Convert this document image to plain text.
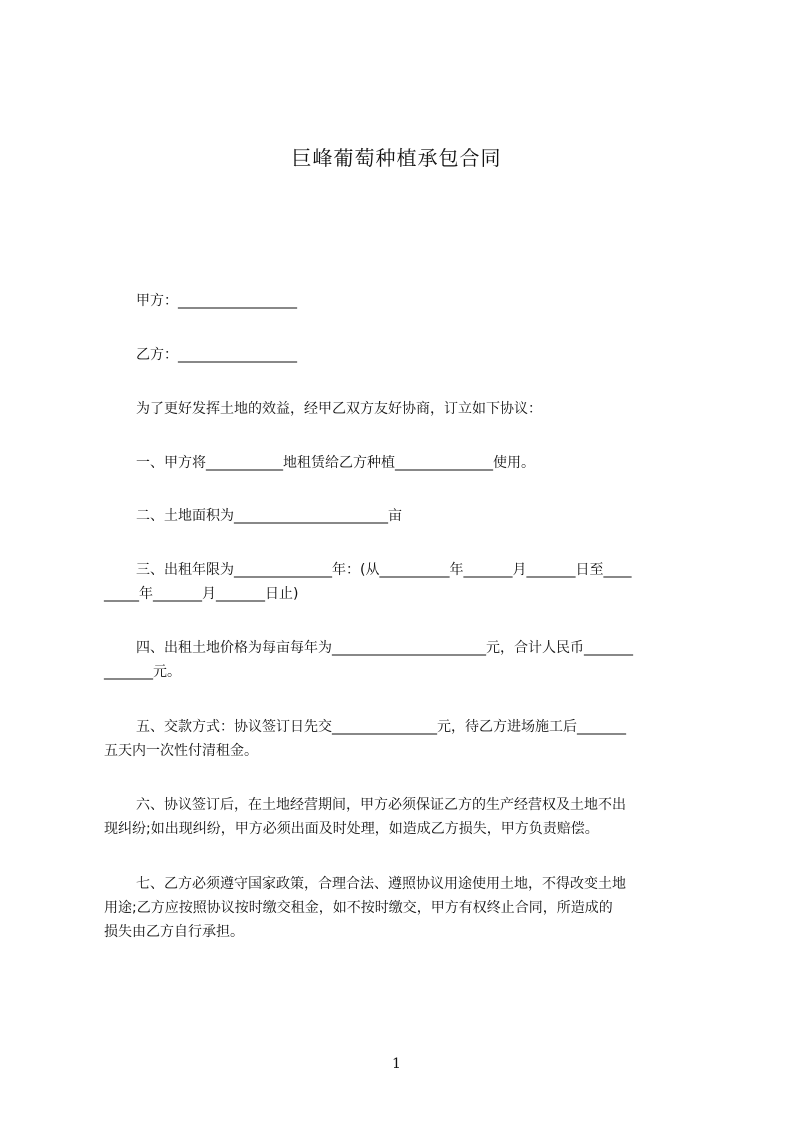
巨峰葡萄种植承包合同
甲方：_________________
乙方：_________________
为了更好发挥土地的效益，经甲乙双方友好协商，订立如下协议：
一、甲方将___________地租赁给乙方种植______________使用。
二、土地面积为______________________亩
三、出租年限为______________年：(从__________年_______月_______日至____
_____年_______月_______日止)
四、出租土地价格为每亩每年为______________________元，合计人民币_______
_______元。
五、交款方式：协议签订日先交_______________元，待乙方进场施工后_______
五天内一次性付清租金。
六、协议签订后，在土地经营期间，甲方必须保证乙方的生产经营权及土地不出
现纠纷;如出现纠纷，甲方必须出面及时处理，如造成乙方损失，甲方负责赔偿。
七、乙方必须遵守国家政策，合理合法、遵照协议用途使用土地，不得改变土地
用途;乙方应按照协议按时缴交租金，如不按时缴交，甲方有权终止合同，所造成的
损失由乙方自行承担。
1
